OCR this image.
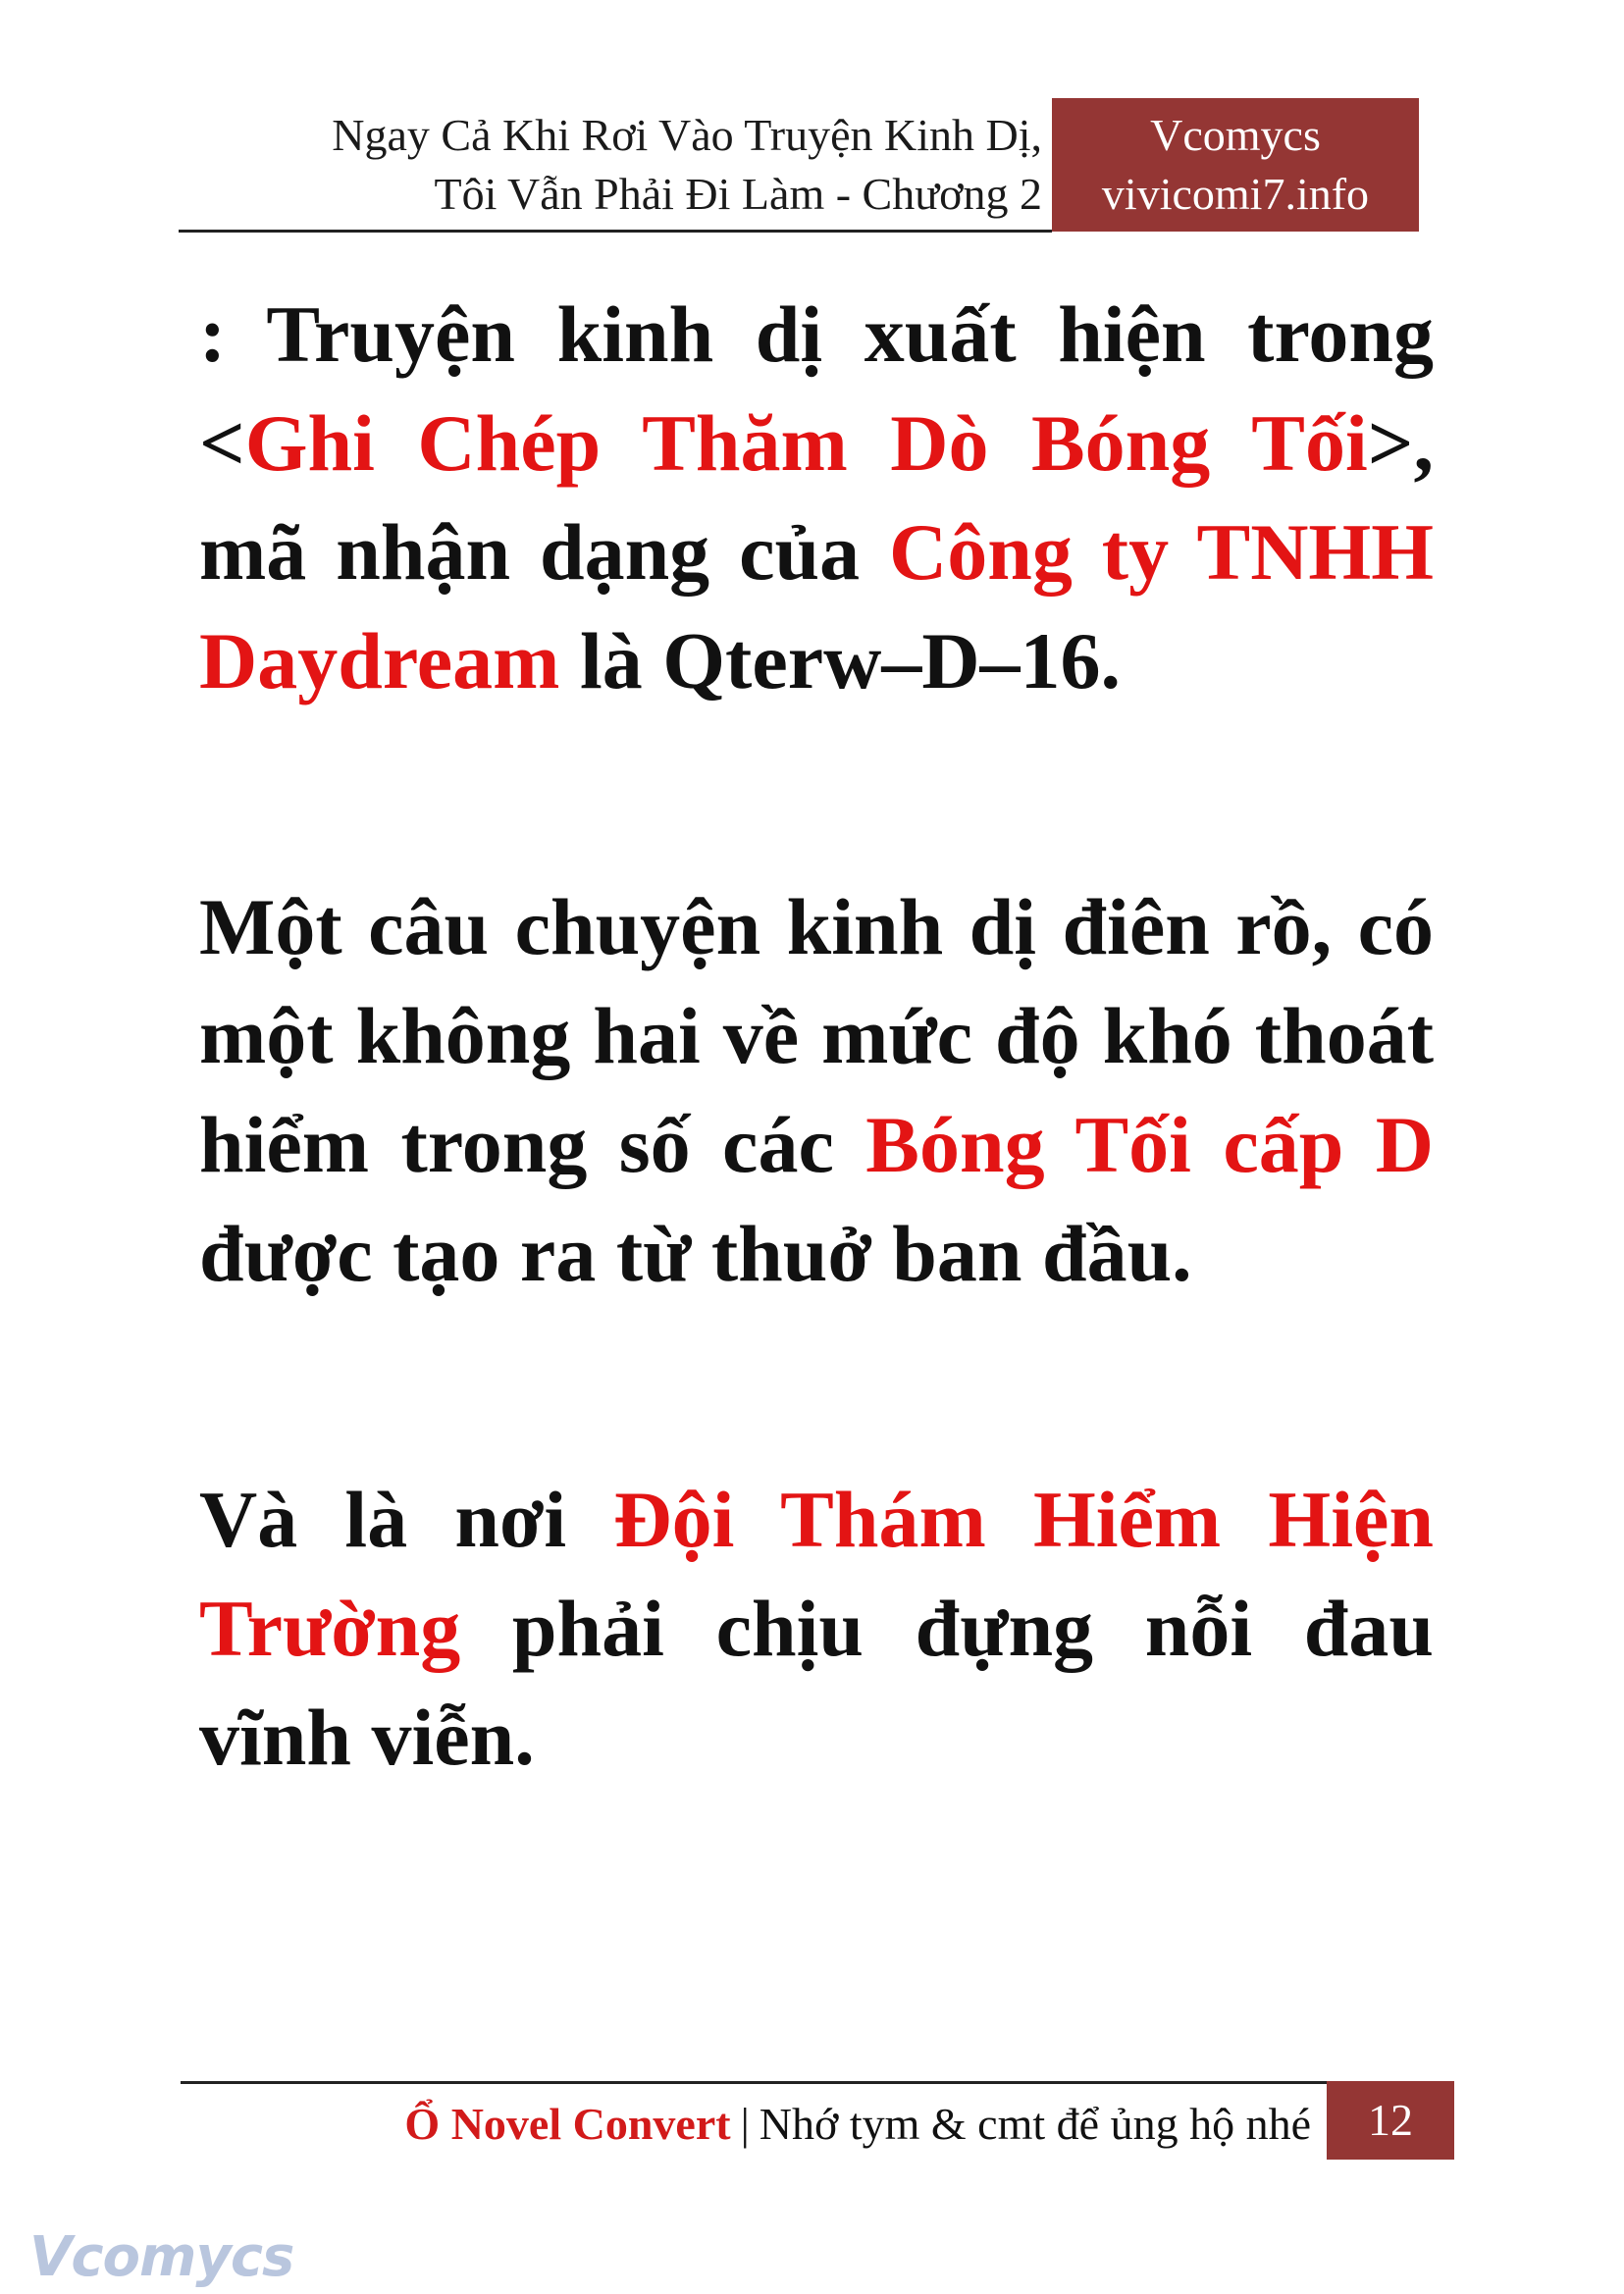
Ngay Cả Khi Rơi Vào Truyện Kinh Dị,
Tôi Vẫn Phải Đi Làm - Chương 2
Vcomycs
vivicomi7.info

: Truyện kinh dị xuất hiện trong <Ghi Chép Thăm Dò Bóng Tối>, mã nhận dạng của Công ty TNHH Daydream là Qterw–D–16.

Một câu chuyện kinh dị điên rồ, có một không hai về mức độ khó thoát hiểm trong số các Bóng Tối cấp D được tạo ra từ thuở ban đầu.

Và là nơi Đội Thám Hiểm Hiện Trường phải chịu đựng nỗi đau vĩnh viễn.

Ổ Novel Convert | Nhớ tym & cmt để ủng hộ nhé	12
Vcomycs
